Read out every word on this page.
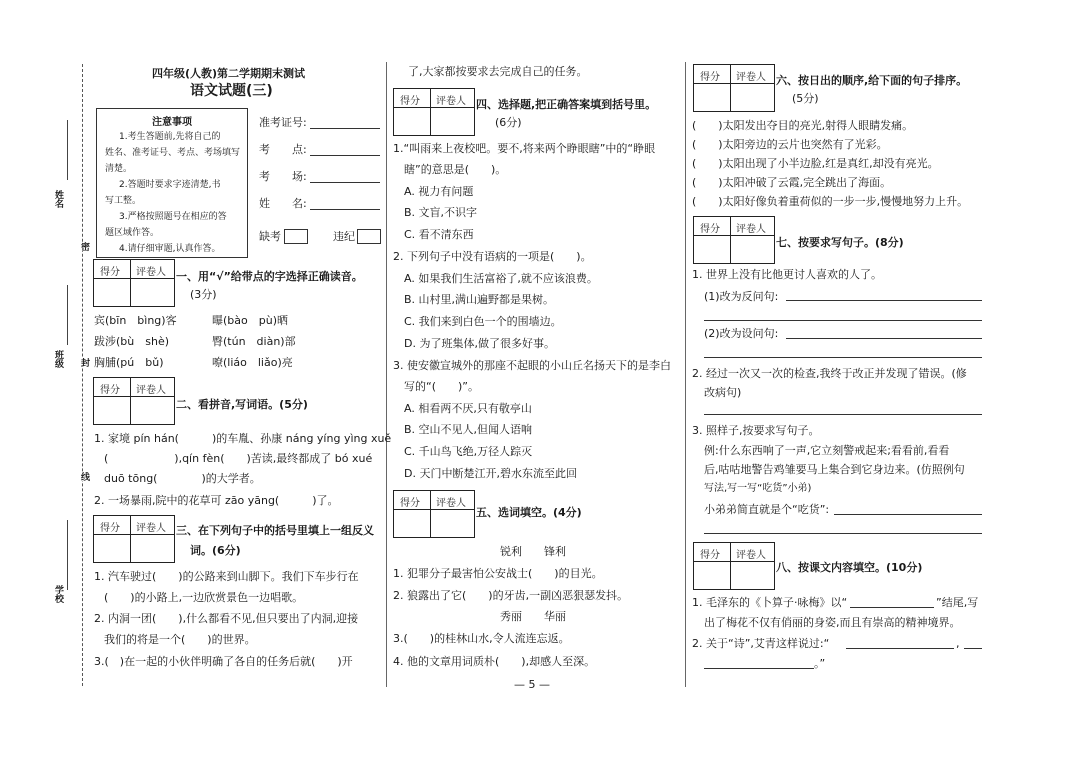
姓名
班级
学校
密
封
线
四年级(人教)第二学期期末测试
语文试题(三)
注意事项
1.考生答题前,先将自己的
姓名、准考证号、考点、考场填写
清楚。
2.答题时要求字迹清楚,书
写工整。
3.严格按照题号在相应的答
题区域作答。
4.请仔细审题,认真作答。
准考证号:
考　　点:
考　　场:
姓　　名:
缺考	违纪
得分 评卷人 一、用“√”给带点的字选择正确读音。
(3分)
宾(bīn　bìng)客	曝(bào　pù)晒
跋涉(bù　shè)	臀(tún　diàn)部
胸脯(pú　bǔ)	嘹(liáo　liǎo)亮
得分 评卷人
二、看拼音,写词语。(5分)
1. 家境 pín hán(　　　)的车胤、孙康 náng yíng yìng xuě
(　　　　　　),qín fèn(　　)苦读,最终都成了 bó xué
duō tōng(　　　　)的大学者。
2. 一场暴雨,院中的花草可 zāo yāng(　　　)了。
得分 评卷人 三、在下列句子中的括号里填上一组反义
词。(6分)
1. 汽车驶过(　　)的公路来到山脚下。我们下车步行在
(　　)的小路上,一边欣赏景色一边唱歌。
2. 内洞一团(　　),什么都看不见,但只要出了内洞,迎接
我们的将是一个(　　)的世界。
3.(　)在一起的小伙伴明确了各自的任务后就(　　)开
了,大家都按要求去完成自己的任务。
得分 评卷人 四、选择题,把正确答案填到括号里。
(6分)
1.“叫雨来上夜校吧。要不,将来两个睁眼瞎”中的“睁眼
瞎”的意思是(　　)。
A. 视力有问题
B. 文盲,不识字
C. 看不清东西
2. 下列句子中没有语病的一项是(　　)。
A. 如果我们生活富裕了,就不应该浪费。
B. 山村里,满山遍野都是果树。
C. 我们来到白色一个的围墙边。
D. 为了班集体,做了很多好事。
3. 使安徽宣城外的那座不起眼的小山丘名扬天下的是李白
写的“(　　)”。
A. 相看两不厌,只有敬亭山
B. 空山不见人,但闻人语响
C. 千山鸟飞绝,万径人踪灭
D. 天门中断楚江开,碧水东流至此回
得分 评卷人
五、选词填空。(4分)
锐利　　锋利
1. 犯罪分子最害怕公安战士(　　)的目光。
2. 狼露出了它(　　)的牙齿,一副凶恶狠瑟发抖。
秀丽　　华丽
3.(　　)的桂林山水,令人流连忘返。
4. 他的文章用词质朴(　　),却感人至深。
— 5 —
得分 评卷人 六、按日出的顺序,给下面的句子排序。
(5分)
(　　)太阳发出夺目的亮光,射得人眼睛发痛。
(　　)太阳旁边的云片也突然有了光彩。
(　　)太阳出现了小半边脸,红是真红,却没有亮光。
(　　)太阳冲破了云霞,完全跳出了海面。
(　　)太阳好像负着重荷似的一步一步,慢慢地努力上升。
得分 评卷人
七、按要求写句子。(8分)
1. 世界上没有比他更讨人喜欢的人了。
(1)改为反问句:
(2)改为设问句:
2. 经过一次又一次的检查,我终于改正并发现了错误。(修
改病句)
3. 照样子,按要求写句子。
例:什么东西响了一声,它立刻警戒起来;看看前,看看
后,咕咕地警告鸡雏要马上集合到它身边来。(仿照例句
写法,写一写“吃货”小弟)
小弟弟简直就是个“吃货”:
得分 评卷人
八、按课文内容填空。(10分)
1. 毛泽东的《卜算子·咏梅》以“	”结尾,写
出了梅花不仅有俏丽的身姿,而且有崇高的精神境界。
2. 关于“诗”,艾青这样说过:“	,
。”
